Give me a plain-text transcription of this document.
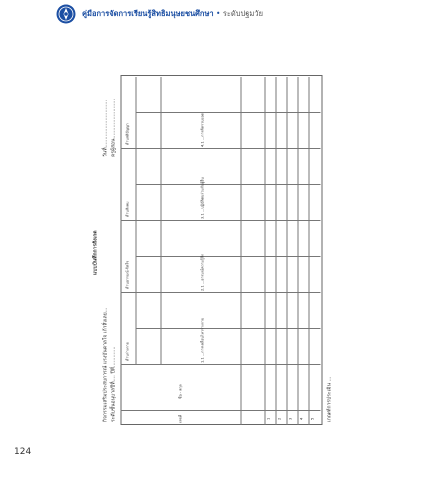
คู่มือการจัดการเรียนรู้สิทธิมนุษยชนศึกษา • ระดับปฐมวัย
แบบบันทึกการสังเกต
กิจกรรมเสริมประสบการณ์ แรงบันดาลใจ เก้าสิ่งเลย... ระดับชั้นอนุบาลปีที่.... ปีที่.............
วันที่.............................. ครูผู้สอน.........................
เลขที่
ชื่อ - สกุล
ด้านร่างกาย
ด้านอารมณ์-จิตใจ
ด้านสังคม
ด้านสติปัญญา
1.1 ...การเคลื่อนไหวร่างกาย
2.1 ...อารมณ์ความรู้สึก
3.1 ...ปฏิบัติตนร่วมกับผู้อื่น
4.1 ...การคิดรวบยอด
1 2 3 4 5 เกณฑ์การประเมิน ...
124
